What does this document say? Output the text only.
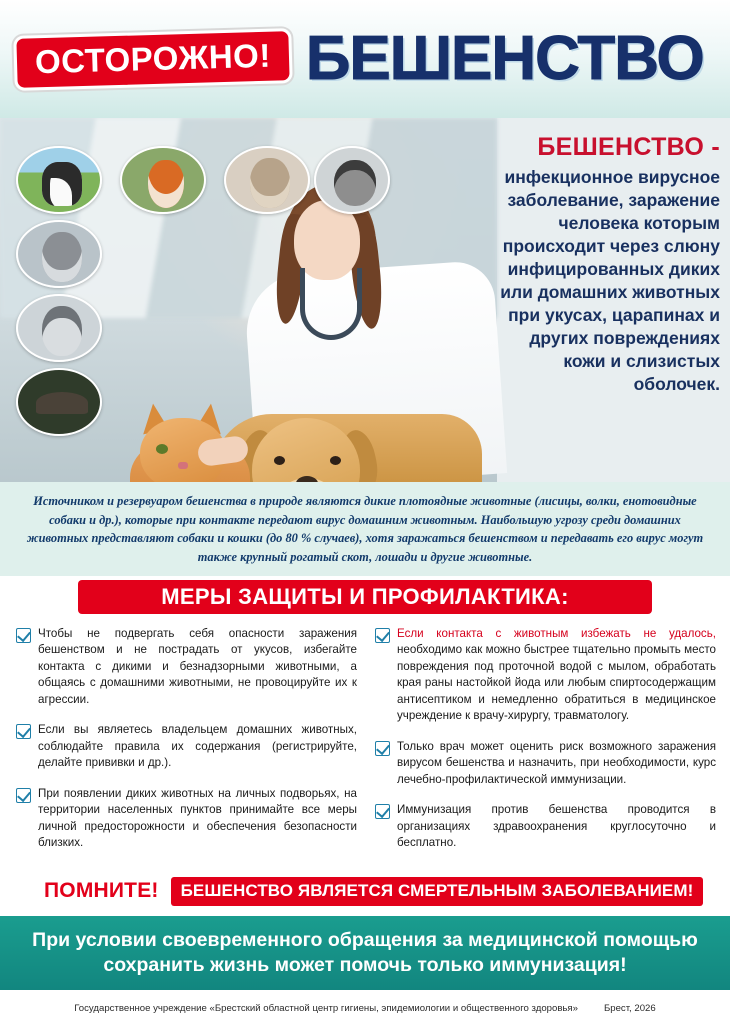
ОСТОРОЖНО! БЕШЕНСТВО
БЕШЕНСТВО -
инфекционное вирусное заболевание, заражение человека которым происходит через слюну инфицированных диких или домашних животных при укусах, царапинах и других повреждениях кожи и слизистых оболочек.
Источником и резервуаром бешенства в природе являются дикие плотоядные животные (лисицы, волки, енотовидные собаки и др.), которые при контакте передают вирус домашним животным. Наибольшую угрозу среди домашних животных представляют собаки и кошки (до 80 % случаев), хотя заражаться бешенством и передавать его вирус могут также крупный рогатый скот, лошади и другие животные.
МЕРЫ ЗАЩИТЫ И ПРОФИЛАКТИКА:

Чтобы не подвергать себя опасности заражения бешенством и не пострадать от укусов, избегайте контакта с дикими и безнадзорными животными, а общаясь с домашними животными, не провоцируйте их к агрессии.

Если вы являетесь владельцем домашних животных, соблюдайте правила их содержания (регистрируйте, делайте прививки и др.).

При появлении диких животных на личных подворьях, на территории населенных пунктов принимайте все меры личной предосторожности и обеспечения безопасности близких.

Если контакта с животным избежать не удалось, необходимо как можно быстрее тщательно промыть место повреждения под проточной водой с мылом, обработать края раны настойкой йода или любым спиртосодержащим антисептиком и немедленно обратиться в медицинское учреждение к врачу-хирургу, травматологу.

Только врач может оценить риск возможного заражения вирусом бешенства и назначить, при необходимости, курс лечебно-профилактической иммунизации.

Иммунизация против бешенства проводится в организациях здравоохранения круглосуточно и бесплатно.

ПОМНИТЕ!	БЕШЕНСТВО ЯВЛЯЕТСЯ СМЕРТЕЛЬНЫМ ЗАБОЛЕВАНИЕМ!
При условии своевременного обращения за медицинской помощью
сохранить жизнь может помочь только иммунизация!
Государственное учреждение «Брестский областной центр гигиены, эпидемиологии и общественного здоровья»	Брест, 2026
